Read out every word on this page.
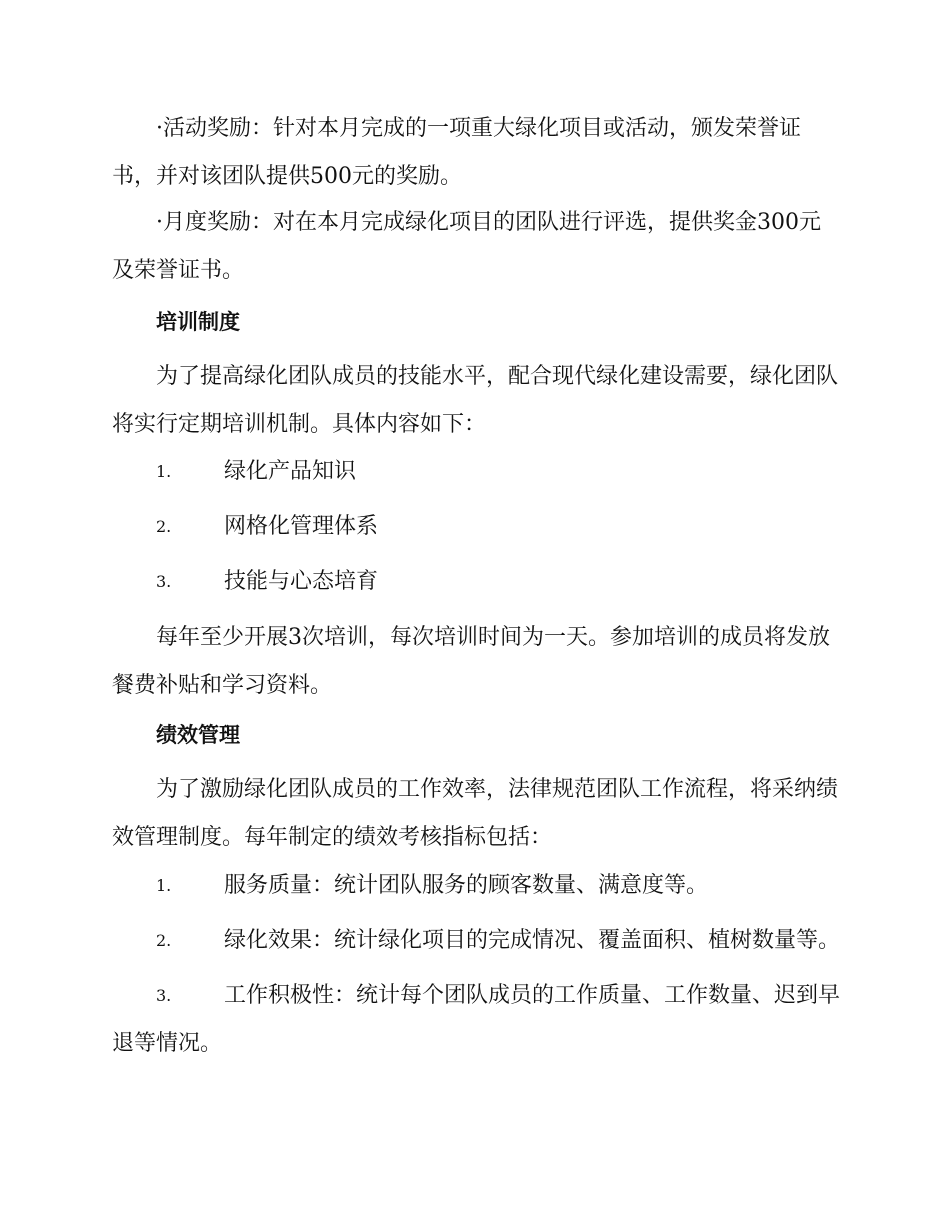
·活动奖励：针对本月完成的一项重大绿化项目或活动，颁发荣誉证书，并对该团队提供500元的奖励。

·月度奖励：对在本月完成绿化项目的团队进行评选，提供奖金300元及荣誉证书。

培训制度

为了提高绿化团队成员的技能水平，配合现代绿化建设需要，绿化团队将实行定期培训机制。具体内容如下：

1.	绿化产品知识
2.	网格化管理体系
3.	技能与心态培育

每年至少开展3次培训，每次培训时间为一天。参加培训的成员将发放餐费补贴和学习资料。

绩效管理

为了激励绿化团队成员的工作效率，法律规范团队工作流程，将采纳绩效管理制度。每年制定的绩效考核指标包括：

1.	服务质量：统计团队服务的顾客数量、满意度等。
2.	绿化效果：统计绿化项目的完成情况、覆盖面积、植树数量等。
3.	工作积极性：统计每个团队成员的工作质量、工作数量、迟到早退等情况。
